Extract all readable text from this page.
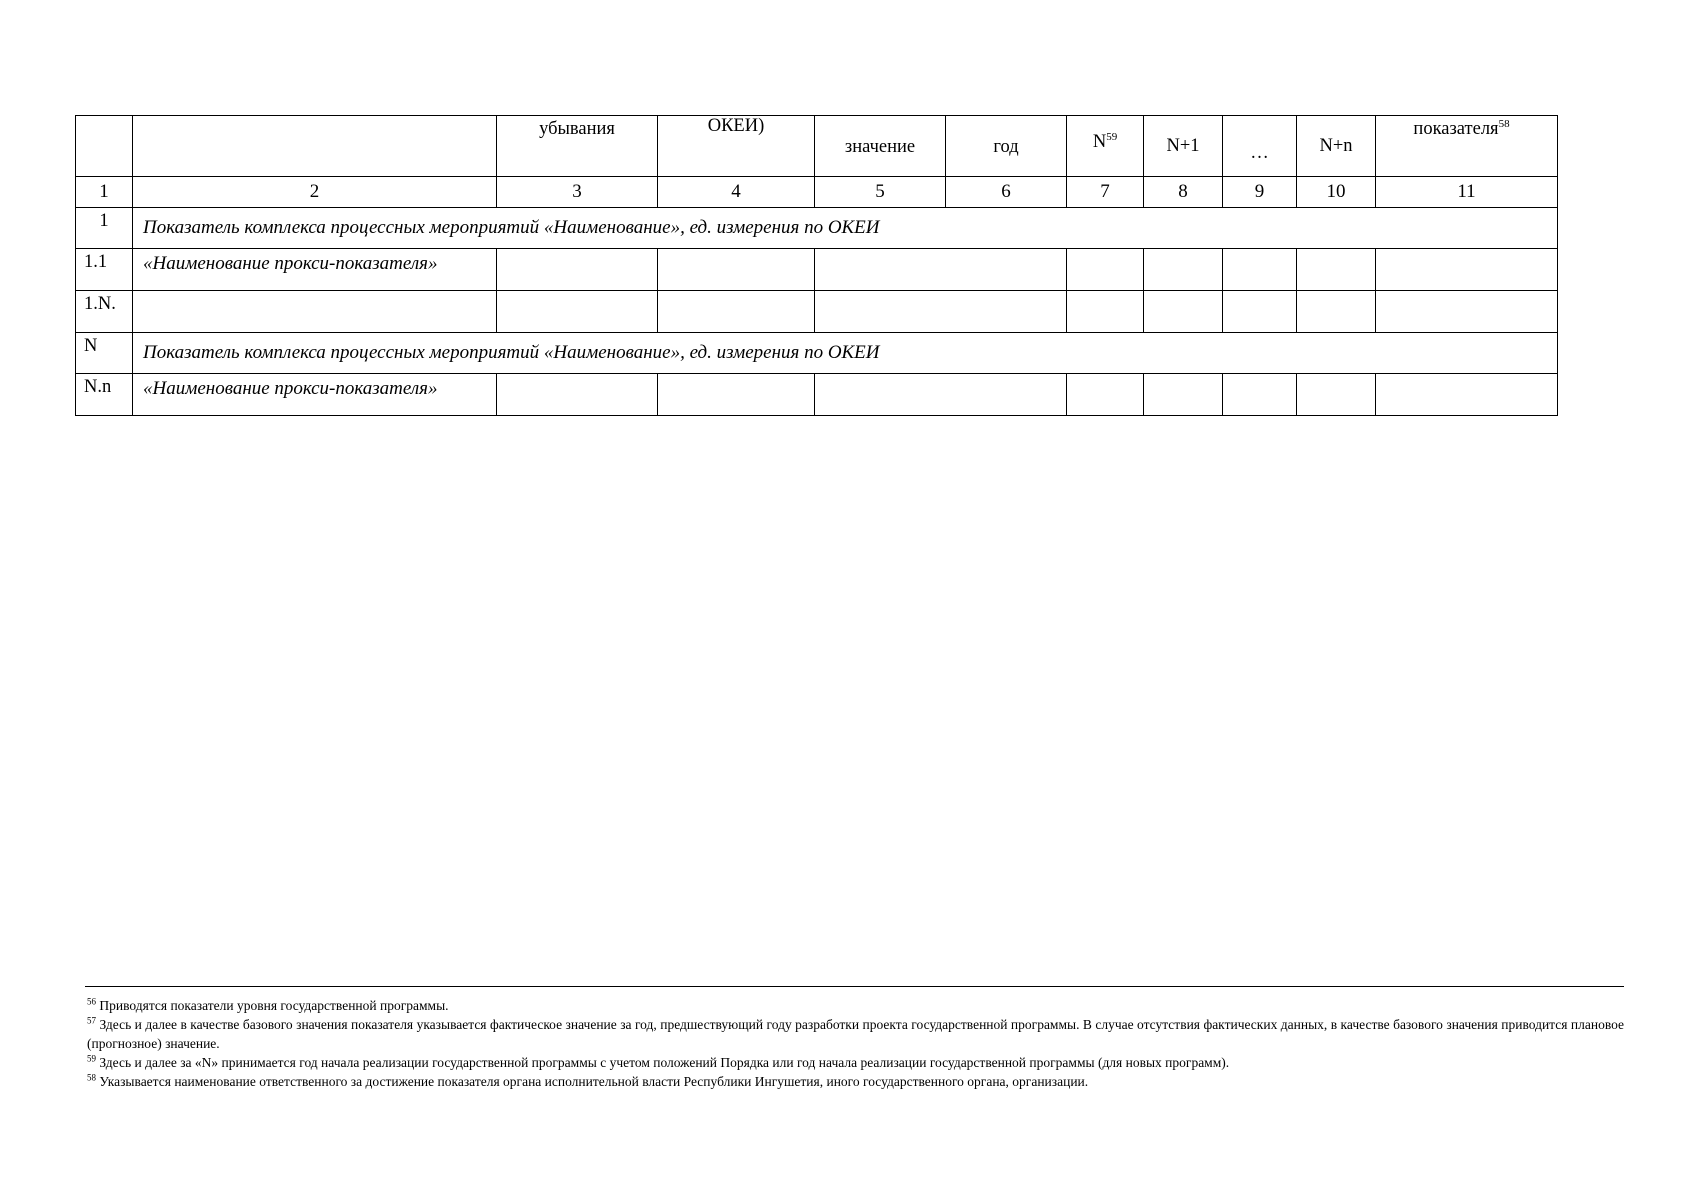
		убывания	ОКЕИ)	значение	год	$N^{59}$	N+1	…	N+n	показателя$^{58}$

1	2	3	4	5	6	7	8	9	10	11
1	Показатель комплекса процессных мероприятий «Наименование», ед. измерения по ОКЕИ									
1.1	«Наименование прокси-показателя»									
1.N.										
N	Показатель комплекса процессных мероприятий «Наименование», ед. измерения по ОКЕИ									
N.n	«Наименование прокси-показателя»									

$^{56}$ Приводятся показатели уровня государственной программы.

$^{57}$ Здесь и далее в качестве базового значения показателя указывается фактическое значение за год, предшествующий году разработки проекта государственной программы. В случае отсутствия фактических данных, в качестве базового значения приводится плановое (прогнозное) значение.

$^{59}$ Здесь и далее за «N» принимается год начала реализации государственной программы с учетом положений Порядка или год начала реализации государственной программы (для новых программ).

$^{58}$ Указывается наименование ответственного за достижение показателя органа исполнительной власти Республики Ингушетия, иного государственного органа, организации.
